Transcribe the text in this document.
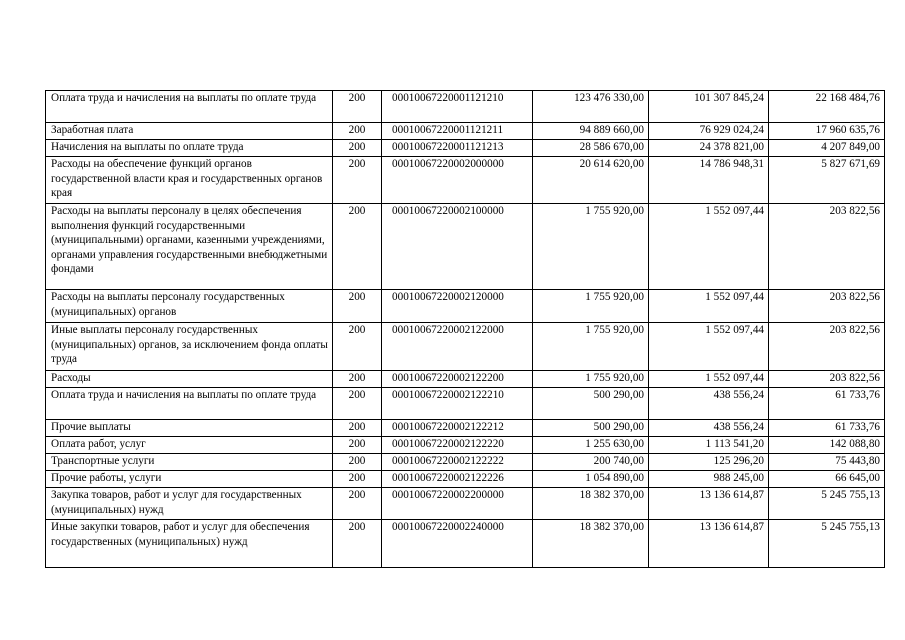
Оплата труда и начисления на выплаты по оплате труда	200	00010067220001121210	123 476 330,00	101 307 845,24	22 168 484,76
Заработная плата	200	00010067220001121211	94 889 660,00	76 929 024,24	17 960 635,76
Начисления на выплаты по оплате труда	200	00010067220001121213	28 586 670,00	24 378 821,00	4 207 849,00
Расходы на обеспечение функций органов государственной власти края и государственных органов края	200	00010067220002000000	20 614 620,00	14 786 948,31	5 827 671,69
Расходы на выплаты персоналу в целях обеспечения выполнения функций государственными (муниципальными) органами, казенными учреждениями, органами управления государственными внебюджетными фондами	200	00010067220002100000	1 755 920,00	1 552 097,44	203 822,56
Расходы на выплаты персоналу государственных (муниципальных) органов	200	00010067220002120000	1 755 920,00	1 552 097,44	203 822,56
Иные выплаты персоналу государственных (муниципальных) органов, за исключением фонда оплаты труда	200	00010067220002122000	1 755 920,00	1 552 097,44	203 822,56
Расходы	200	00010067220002122200	1 755 920,00	1 552 097,44	203 822,56
Оплата труда и начисления на выплаты по оплате труда	200	00010067220002122210	500 290,00	438 556,24	61 733,76
Прочие выплаты	200	00010067220002122212	500 290,00	438 556,24	61 733,76
Оплата работ, услуг	200	00010067220002122220	1 255 630,00	1 113 541,20	142 088,80
Транспортные услуги	200	00010067220002122222	200 740,00	125 296,20	75 443,80
Прочие работы, услуги	200	00010067220002122226	1 054 890,00	988 245,00	66 645,00
Закупка товаров, работ и услуг для государственных (муниципальных) нужд	200	00010067220002200000	18 382 370,00	13 136 614,87	5 245 755,13
Иные закупки товаров, работ и услуг для обеспечения государственных (муниципальных) нужд	200	00010067220002240000	18 382 370,00	13 136 614,87	5 245 755,13
